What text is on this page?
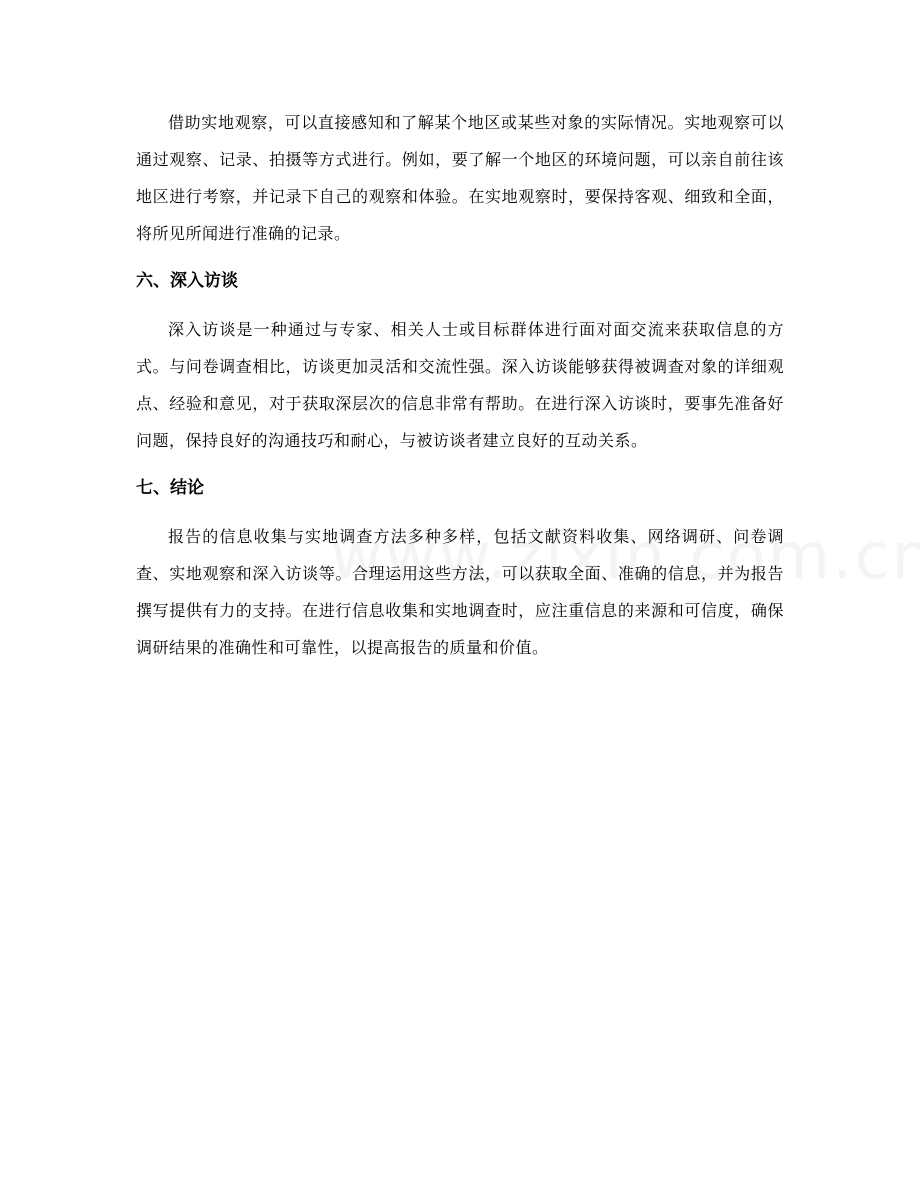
借助实地观察，可以直接感知和了解某个地区或某些对象的实际情况。实地观察可以通过观察、记录、拍摄等方式进行。例如，要了解一个地区的环境问题，可以亲自前往该地区进行考察，并记录下自己的观察和体验。在实地观察时，要保持客观、细致和全面，将所见所闻进行准确的记录。

六、深入访谈

深入访谈是一种通过与专家、相关人士或目标群体进行面对面交流来获取信息的方式。与问卷调查相比，访谈更加灵活和交流性强。深入访谈能够获得被调查对象的详细观点、经验和意见，对于获取深层次的信息非常有帮助。在进行深入访谈时，要事先准备好问题，保持良好的沟通技巧和耐心，与被访谈者建立良好的互动关系。

七、结论

报告的信息收集与实地调查方法多种多样，包括文献资料收集、网络调研、问卷调查、实地观察和深入访谈等。合理运用这些方法，可以获取全面、准确的信息，并为报告撰写提供有力的支持。在进行信息收集和实地调查时，应注重信息的来源和可信度，确保调研结果的准确性和可靠性，以提高报告的质量和价值。
